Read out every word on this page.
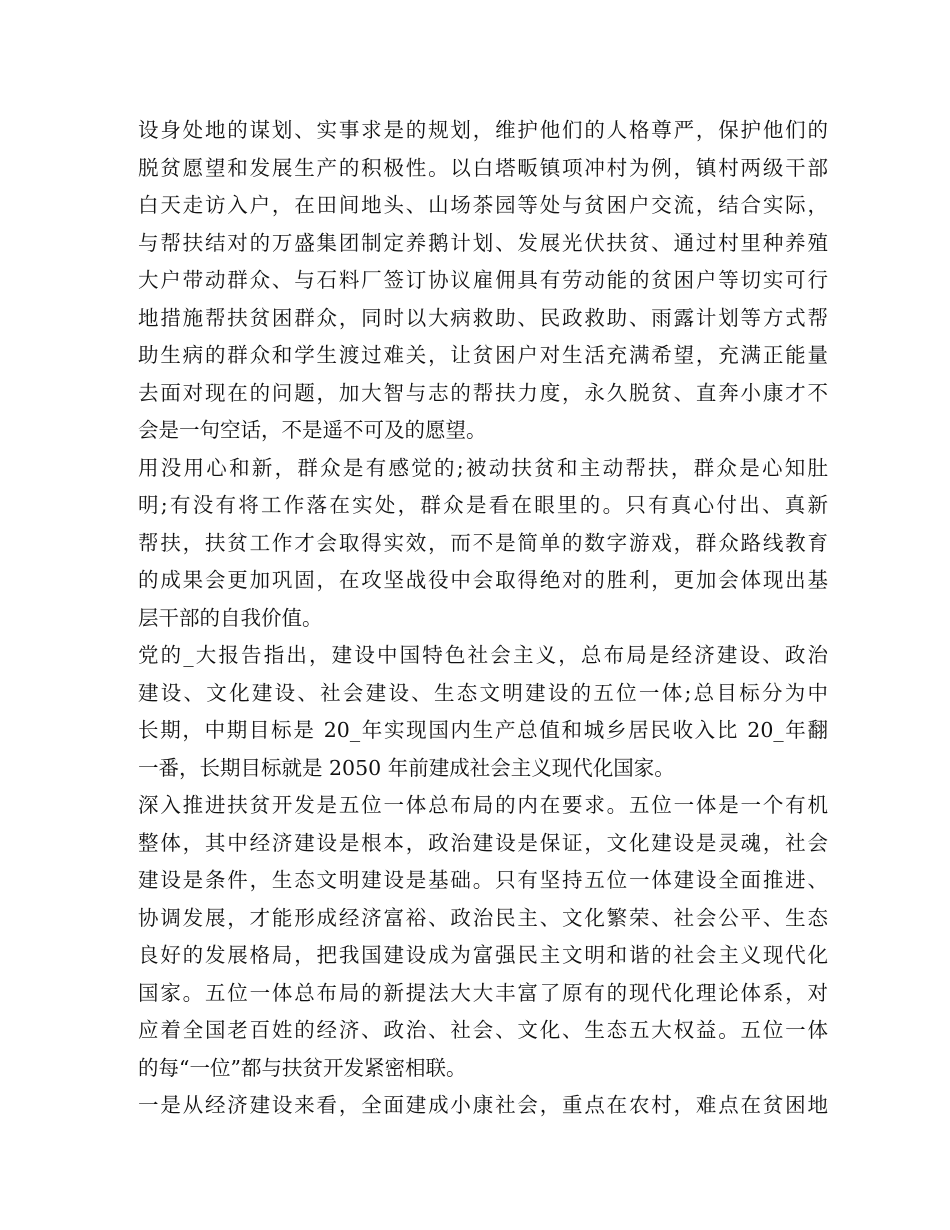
设身处地的谋划、实事求是的规划，维护他们的人格尊严，保护他们的
脱贫愿望和发展生产的积极性。以白塔畈镇项冲村为例，镇村两级干部
白天走访入户，在田间地头、山场茶园等处与贫困户交流，结合实际，
与帮扶结对的万盛集团制定养鹅计划、发展光伏扶贫、通过村里种养殖
大户带动群众、与石料厂签订协议雇佣具有劳动能的贫困户等切实可行
地措施帮扶贫困群众，同时以大病救助、民政救助、雨露计划等方式帮
助生病的群众和学生渡过难关，让贫困户对生活充满希望，充满正能量
去面对现在的问题，加大智与志的帮扶力度，永久脱贫、直奔小康才不
会是一句空话，不是遥不可及的愿望。
用没用心和新，群众是有感觉的;被动扶贫和主动帮扶，群众是心知肚
明;有没有将工作落在实处，群众是看在眼里的。只有真心付出、真新
帮扶，扶贫工作才会取得实效，而不是简单的数字游戏，群众路线教育
的成果会更加巩固，在攻坚战役中会取得绝对的胜利，更加会体现出基
层干部的自我价值。
党的_大报告指出，建设中国特色社会主义，总布局是经济建设、政治
建设、文化建设、社会建设、生态文明建设的五位一体;总目标分为中
长期，中期目标是 20_年实现国内生产总值和城乡居民收入比 20_年翻
一番，长期目标就是 2050 年前建成社会主义现代化国家。
深入推进扶贫开发是五位一体总布局的内在要求。五位一体是一个有机
整体，其中经济建设是根本，政治建设是保证，文化建设是灵魂，社会
建设是条件，生态文明建设是基础。只有坚持五位一体建设全面推进、
协调发展，才能形成经济富裕、政治民主、文化繁荣、社会公平、生态
良好的发展格局，把我国建设成为富强民主文明和谐的社会主义现代化
国家。五位一体总布局的新提法大大丰富了原有的现代化理论体系，对
应着全国老百姓的经济、政治、社会、文化、生态五大权益。五位一体
的每“一位”都与扶贫开发紧密相联。
一是从经济建设来看，全面建成小康社会，重点在农村，难点在贫困地
